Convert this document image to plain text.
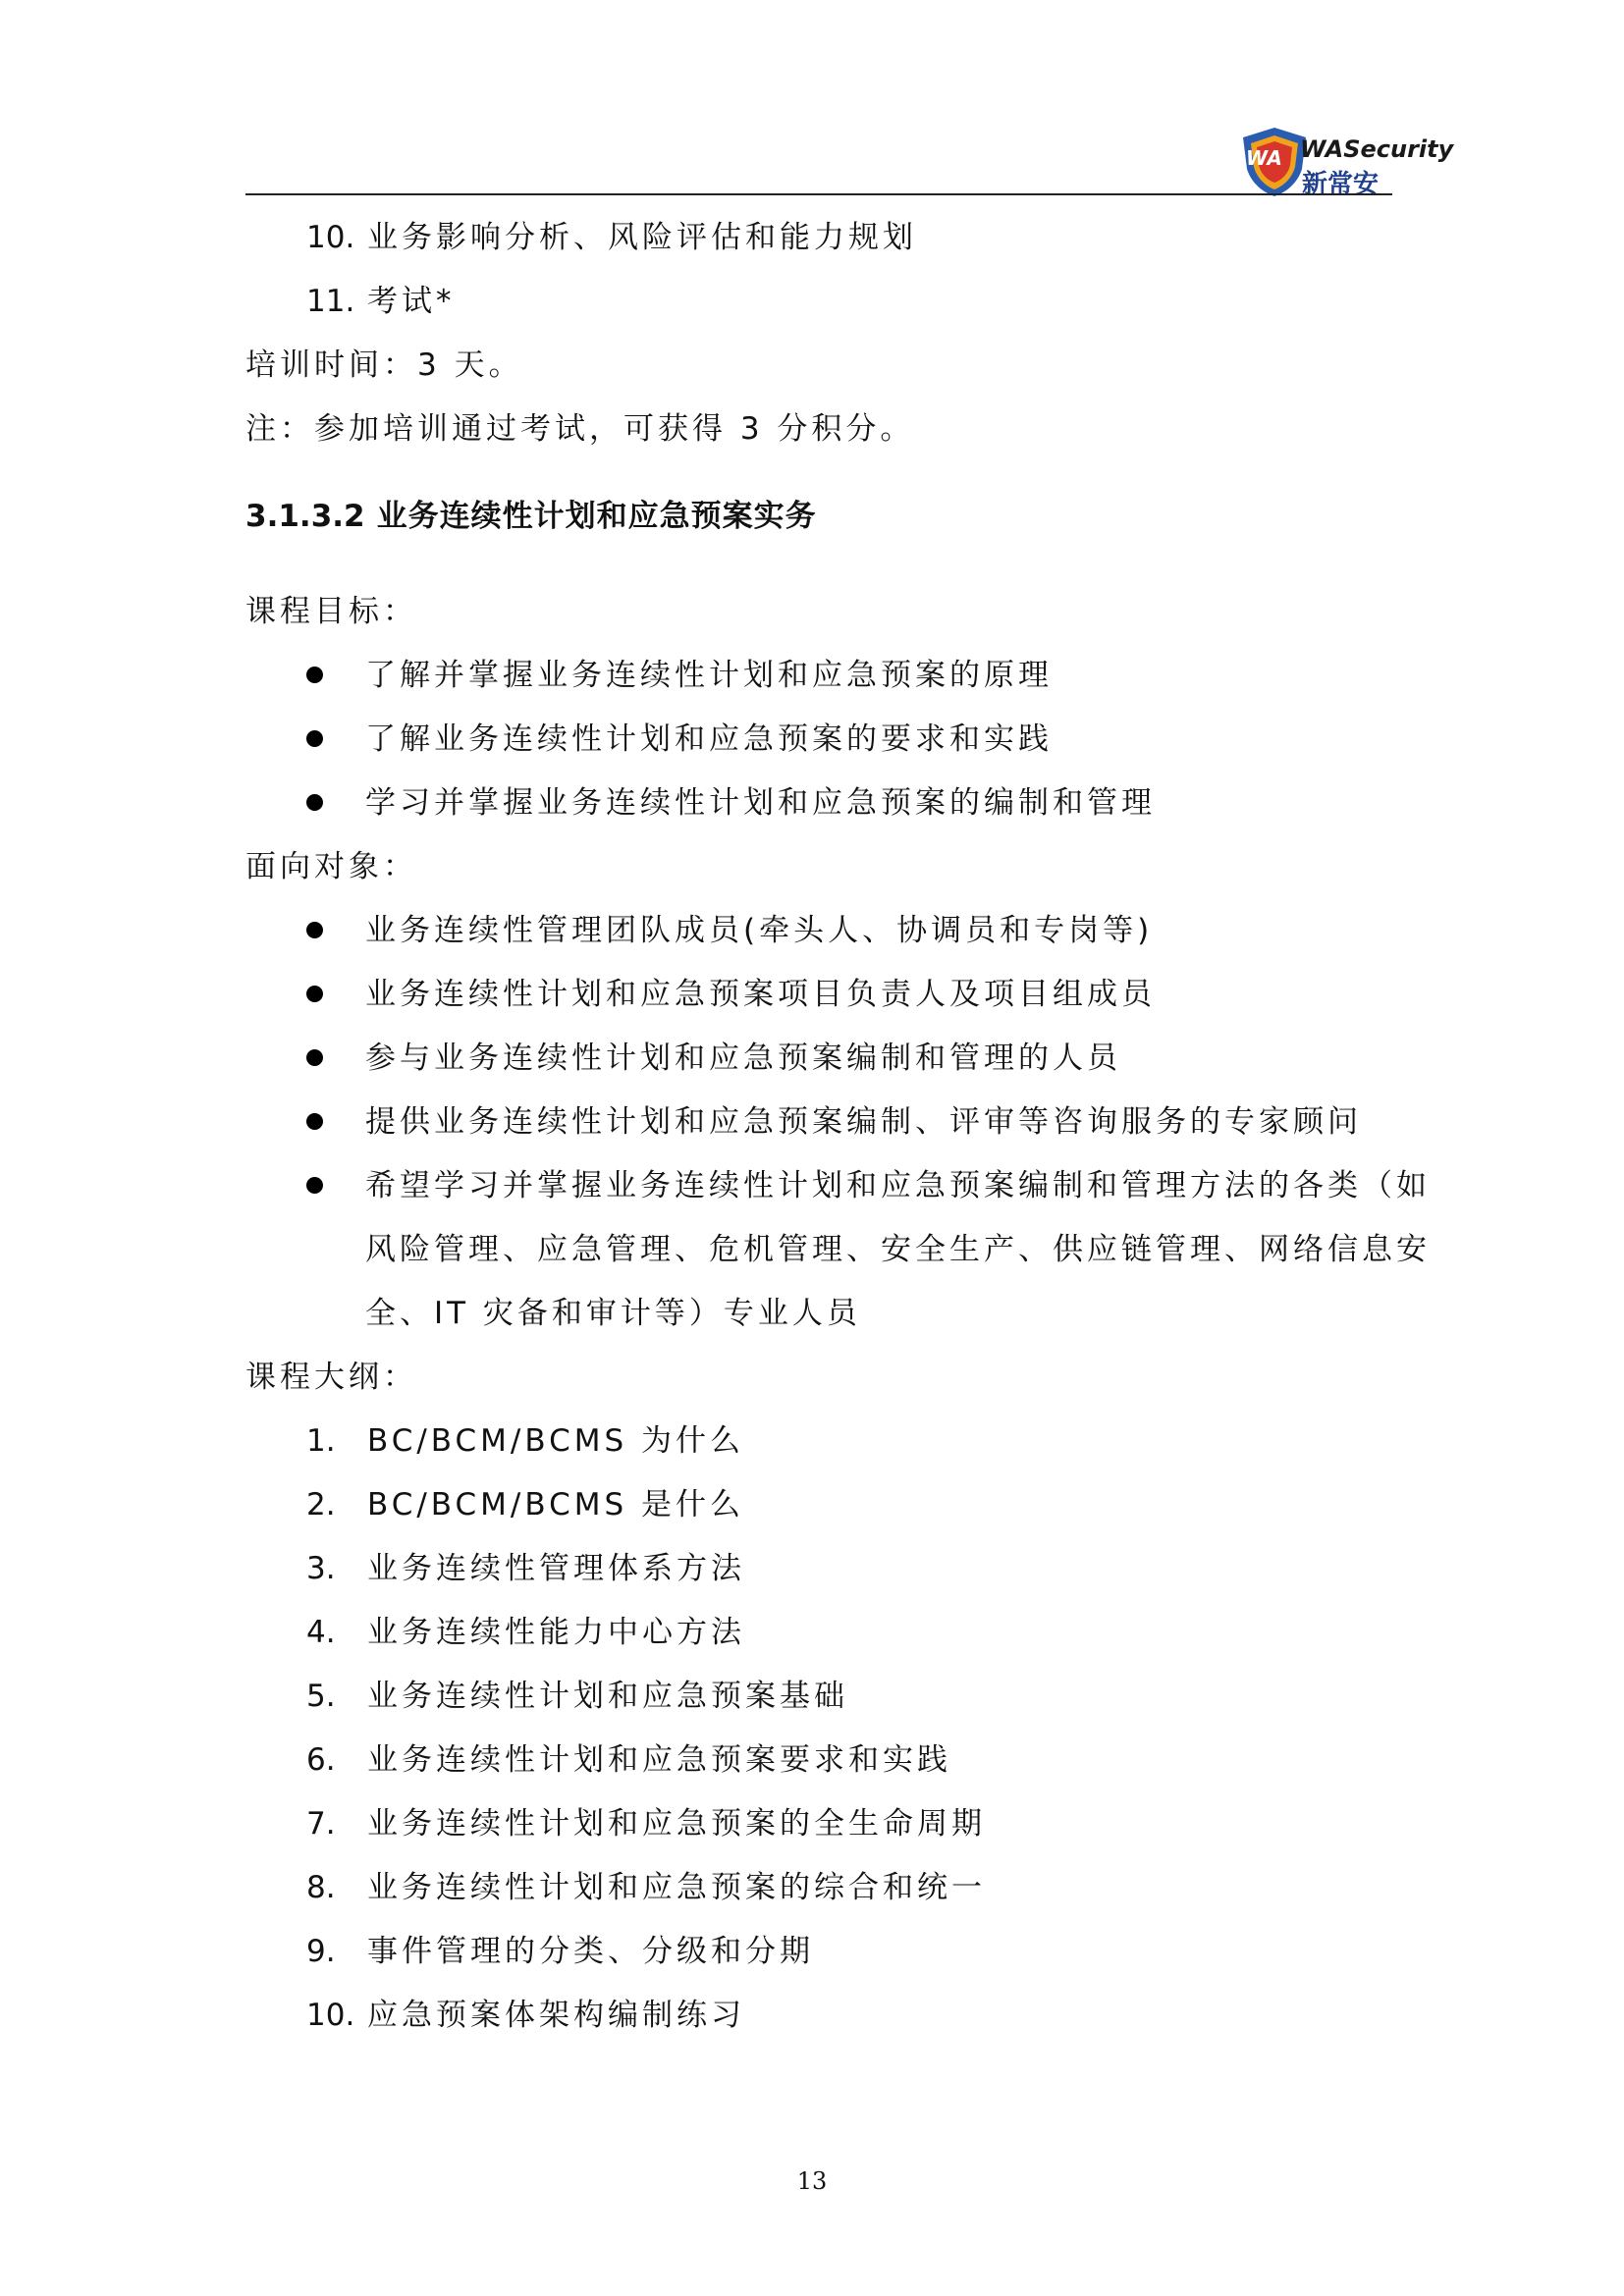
WA WASecurity
新常安
10. 业务影响分析、风险评估和能力规划
11. 考试*
培训时间：3 天。
注：参加培训通过考试，可获得 3 分积分。
3.1.3.2 业务连续性计划和应急预案实务
课程目标：
了解并掌握业务连续性计划和应急预案的原理
了解业务连续性计划和应急预案的要求和实践
学习并掌握业务连续性计划和应急预案的编制和管理
面向对象：
业务连续性管理团队成员(牵头人、协调员和专岗等)
业务连续性计划和应急预案项目负责人及项目组成员
参与业务连续性计划和应急预案编制和管理的人员
提供业务连续性计划和应急预案编制、评审等咨询服务的专家顾问
希望学习并掌握业务连续性计划和应急预案编制和管理方法的各类（如
风险管理、应急管理、危机管理、安全生产、供应链管理、网络信息安
全、IT 灾备和审计等）专业人员
课程大纲：
1. BC/BCM/BCMS 为什么
2. BC/BCM/BCMS 是什么
3. 业务连续性管理体系方法
4. 业务连续性能力中心方法
5. 业务连续性计划和应急预案基础
6. 业务连续性计划和应急预案要求和实践
7. 业务连续性计划和应急预案的全生命周期
8. 业务连续性计划和应急预案的综合和统一
9. 事件管理的分类、分级和分期
10. 应急预案体架构编制练习
13
